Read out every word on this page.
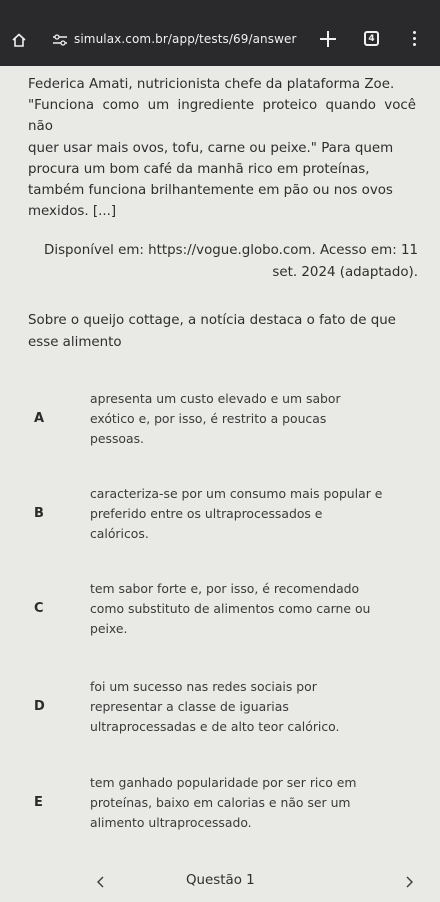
simulax.com.br/app/tests/69/answer	4
Federica Amati, nutricionista chefe da plataforma Zoe.
"Funciona como um ingrediente proteico quando você não
quer usar mais ovos, tofu, carne ou peixe." Para quem
procura um bom café da manhã rico em proteínas,
também funciona brilhantemente em pão ou nos ovos
mexidos. [...]
Disponível em: https://vogue.globo.com. Acesso em: 11
set. 2024 (adaptado).
Sobre o queijo cottage, a notícia destaca o fato de que
esse alimento
A
apresenta um custo elevado e um sabor
exótico e, por isso, é restrito a poucas
pessoas.
B
caracteriza-se por um consumo mais popular e
preferido entre os ultraprocessados e
calóricos.
C
tem sabor forte e, por isso, é recomendado
como substituto de alimentos como carne ou
peixe.
D
foi um sucesso nas redes sociais por
representar a classe de iguarias
ultraprocessadas e de alto teor calórico.
E
tem ganhado popularidade por ser rico em
proteínas, baixo em calorias e não ser um
alimento ultraprocessado.
Questão 1
